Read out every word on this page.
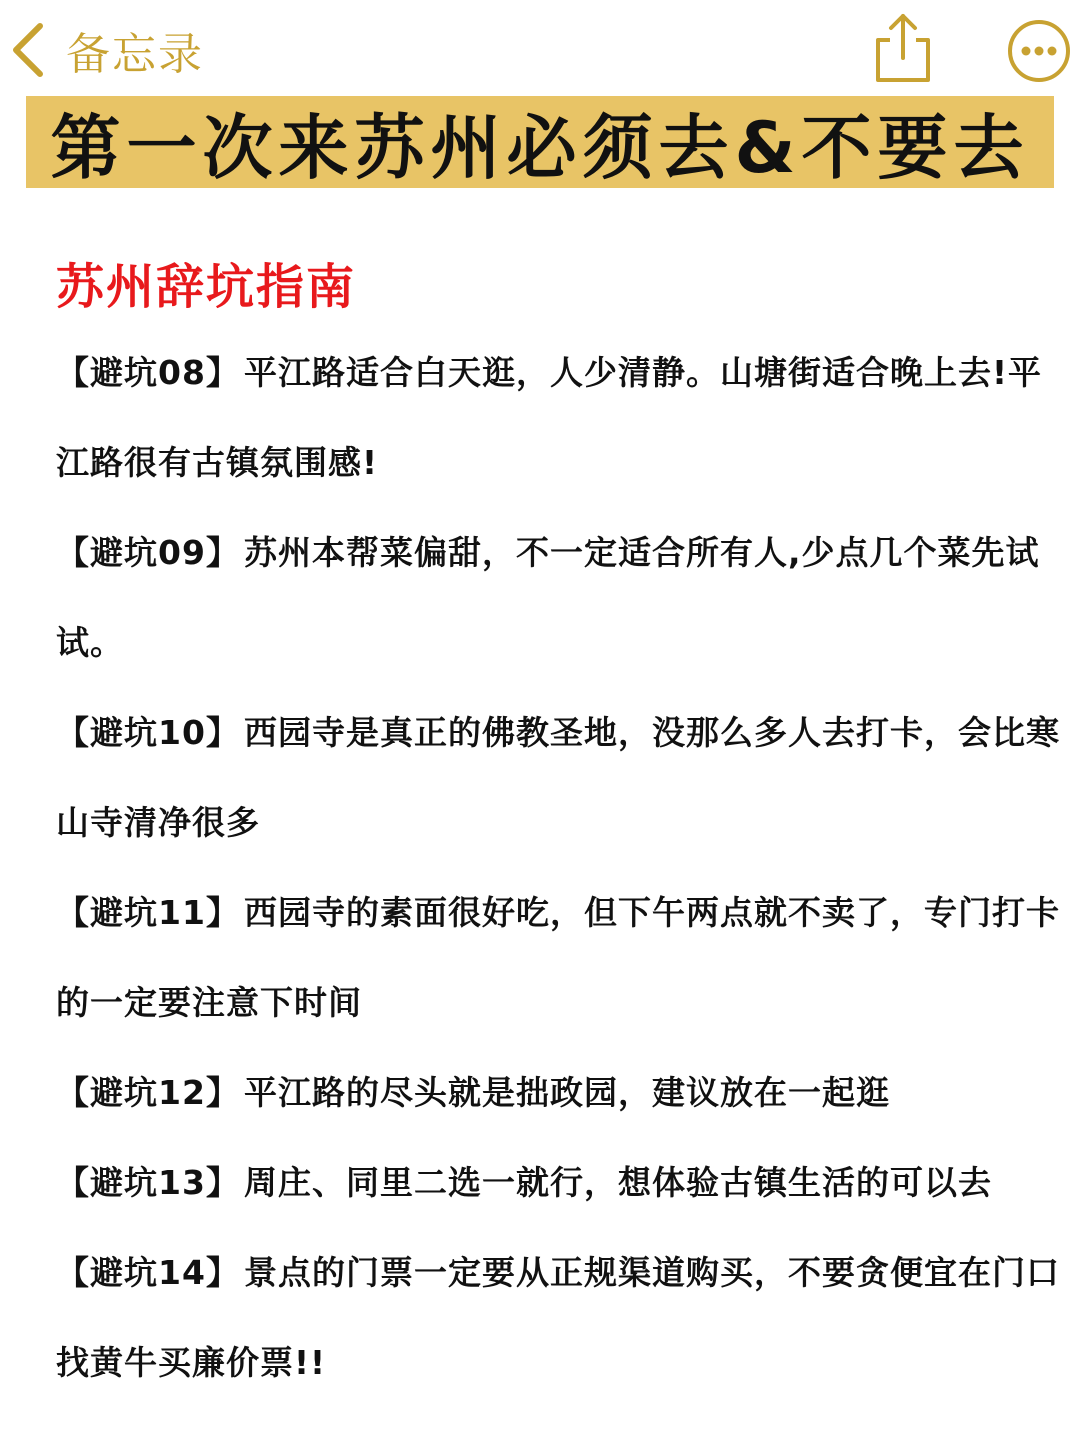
备忘录
第一次来苏州必须去&不要去
苏州辞坑指南

【避坑08】 平江路适合白天逛，人少清静。山塘街适合晚上去!平江路很有古镇氛围感!

【避坑09】 苏州本帮菜偏甜，不一定适合所有人,少点几个菜先试试。

【避坑10】 西园寺是真正的佛教圣地，没那么多人去打卡，会比寒山寺清净很多

【避坑11】 西园寺的素面很好吃，但下午两点就不卖了，专门打卡的一定要注意下时间

【避坑12】 平江路的尽头就是拙政园，建议放在一起逛

【避坑13】 周庄、同里二选一就行，想体验古镇生活的可以去

【避坑14】 景点的门票一定要从正规渠道购买，不要贪便宜在门口找黄牛买廉价票!!
